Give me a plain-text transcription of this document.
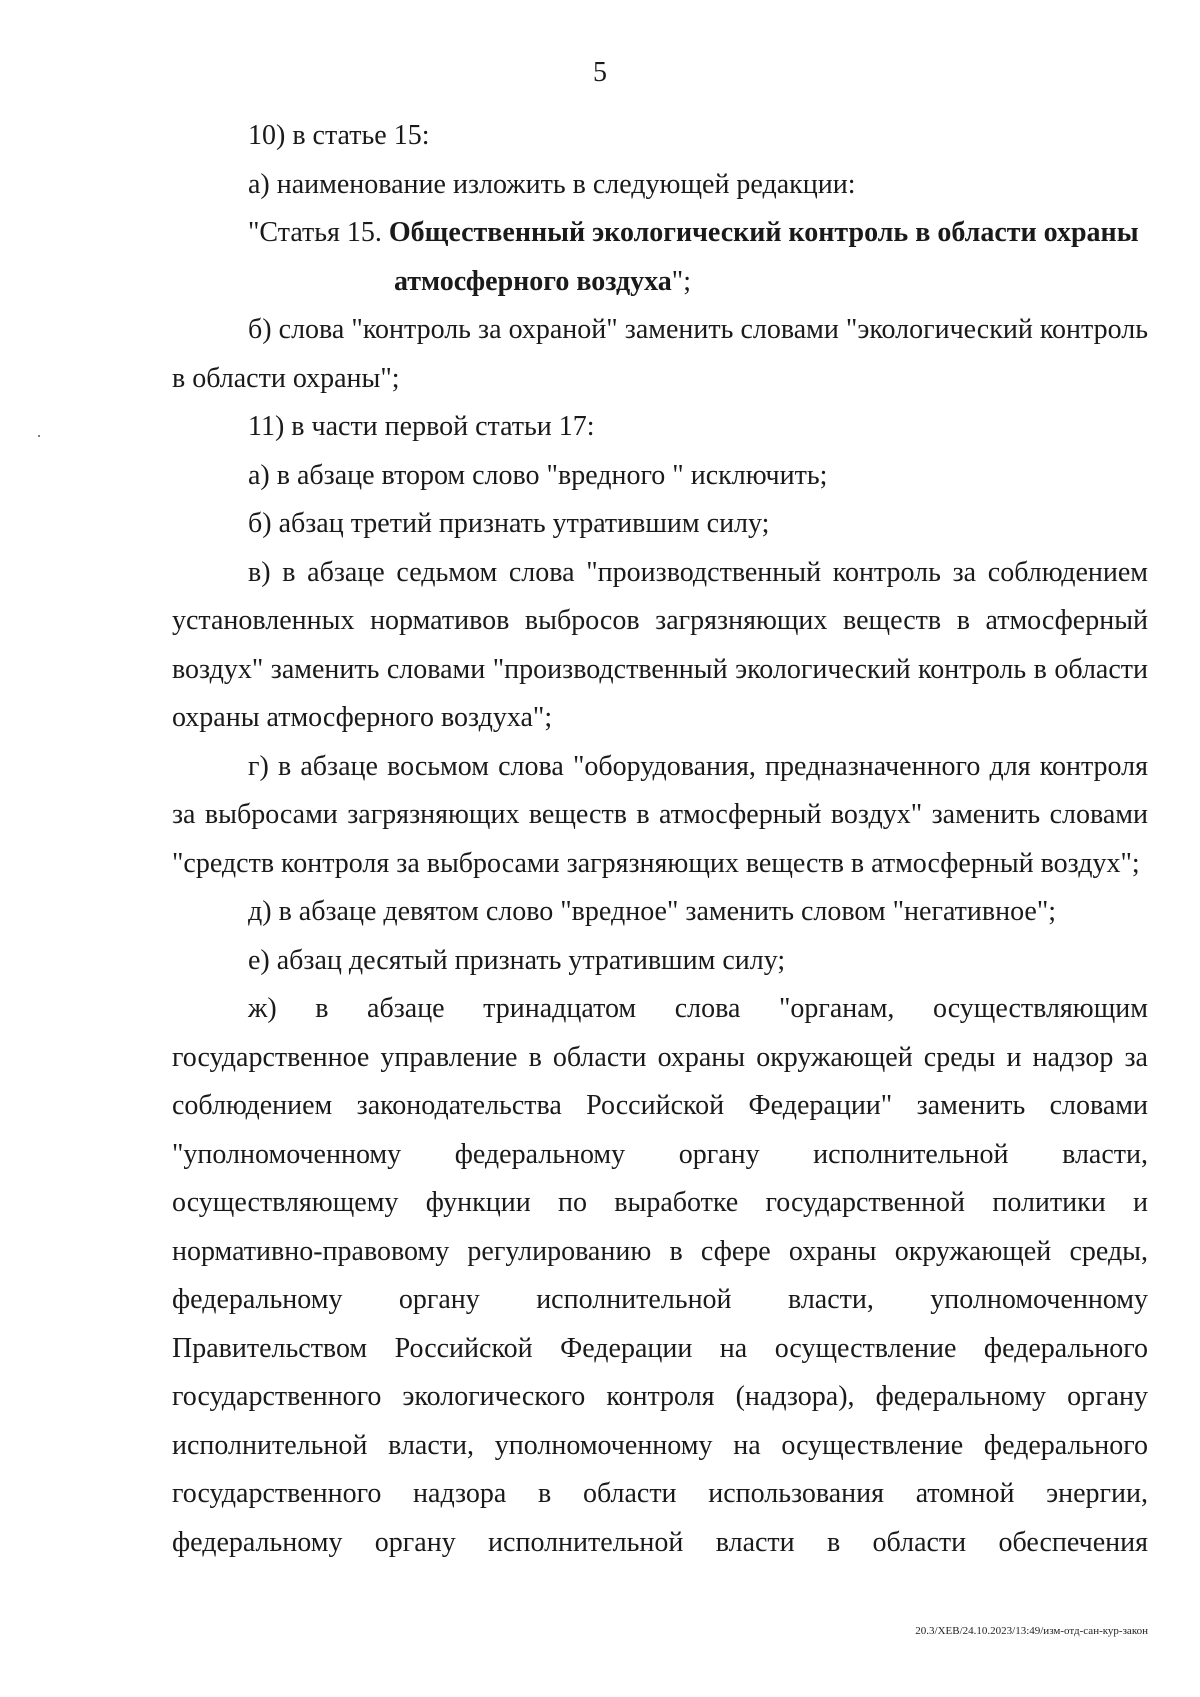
5

10) в статье 15:

а) наименование изложить в следующей редакции:

"Статья 15. Общественный экологический контроль в области охраны
атмосферного воздуха";

б) слова "контроль за охраной" заменить словами "экологический контроль в области охраны";

11) в части первой статьи 17:

а) в абзаце втором слово "вредного " исключить;

б) абзац третий признать утратившим силу;

в) в абзаце седьмом слова "производственный контроль за соблюдением установленных нормативов выбросов загрязняющих веществ в атмосферный воздух" заменить словами "производственный экологический контроль в области охраны атмосферного воздуха";

г) в абзаце восьмом слова "оборудования, предназначенного для контроля за выбросами загрязняющих веществ в атмосферный воздух" заменить словами "средств контроля за выбросами загрязняющих веществ в атмосферный воздух";

д) в абзаце девятом слово "вредное" заменить словом "негативное";

е) абзац десятый признать утратившим силу;

ж) в абзаце тринадцатом слова "органам, осуществляющим государственное управление в области охраны окружающей среды и надзор за соблюдением законодательства Российской Федерации" заменить словами "уполномоченному федеральному органу исполнительной власти, осуществляющему функции по выработке государственной политики и нормативно-правовому регулированию в сфере охраны окружающей среды, федеральному органу исполнительной власти, уполномоченному Правительством Российской Федерации на осуществление федерального государственного экологического контроля (надзора), федеральному органу исполнительной власти, уполномоченному на осуществление федерального государственного надзора в области использования атомной энергии, федеральному органу исполнительной власти в области обеспечения

20.3/ХЕВ/24.10.2023/13:49/изм-отд-сан-кур-закон
